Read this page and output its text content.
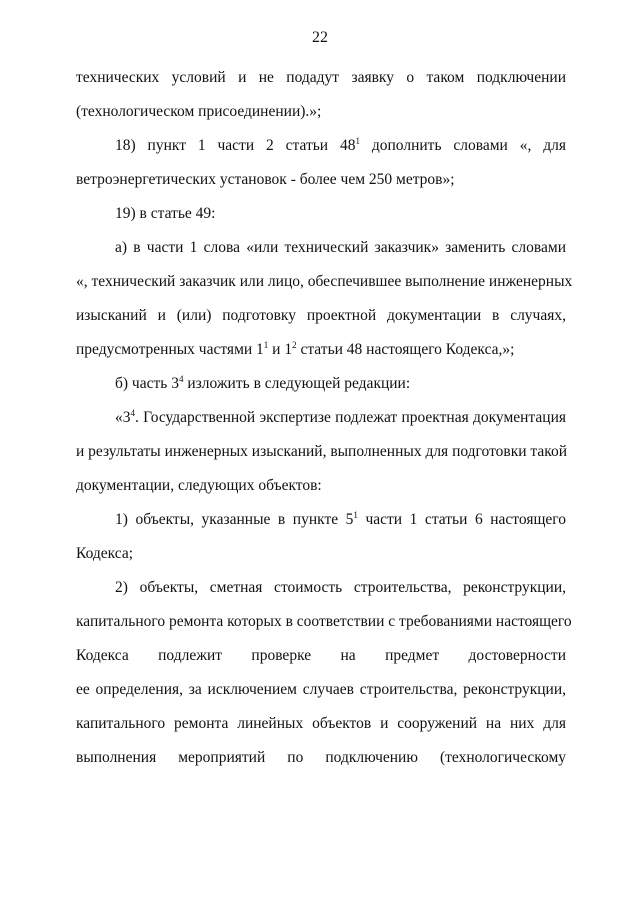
22
технических условий и не подадут заявку о таком подключении
(технологическом присоединении).»;
18) пункт 1 части 2 статьи $48^1$ дополнить словами «, для
ветроэнергетических установок - более чем 250 метров»;
19) в статье 49:
а) в части 1 слова «или технический заказчик» заменить словами
«, технический заказчик или лицо, обеспечившее выполнение инженерных
изысканий и (или) подготовку проектной документации в случаях,
предусмотренных частями $1^1$ и $1^2$ статьи 48 настоящего Кодекса,»;
б) часть $3^4$ изложить в следующей редакции:
«$3^4$. Государственной экспертизе подлежат проектная документация
и результаты инженерных изысканий, выполненных для подготовки такой
документации, следующих объектов:
1) объекты, указанные в пункте $5^1$ части 1 статьи 6 настоящего
Кодекса;
2) объекты, сметная стоимость строительства, реконструкции,
капитального ремонта которых в соответствии с требованиями настоящего
Кодекса подлежит проверке на предмет достоверности
ее определения, за исключением случаев строительства, реконструкции,
капитального ремонта линейных объектов и сооружений на них для
выполнения мероприятий по подключению (технологическому
